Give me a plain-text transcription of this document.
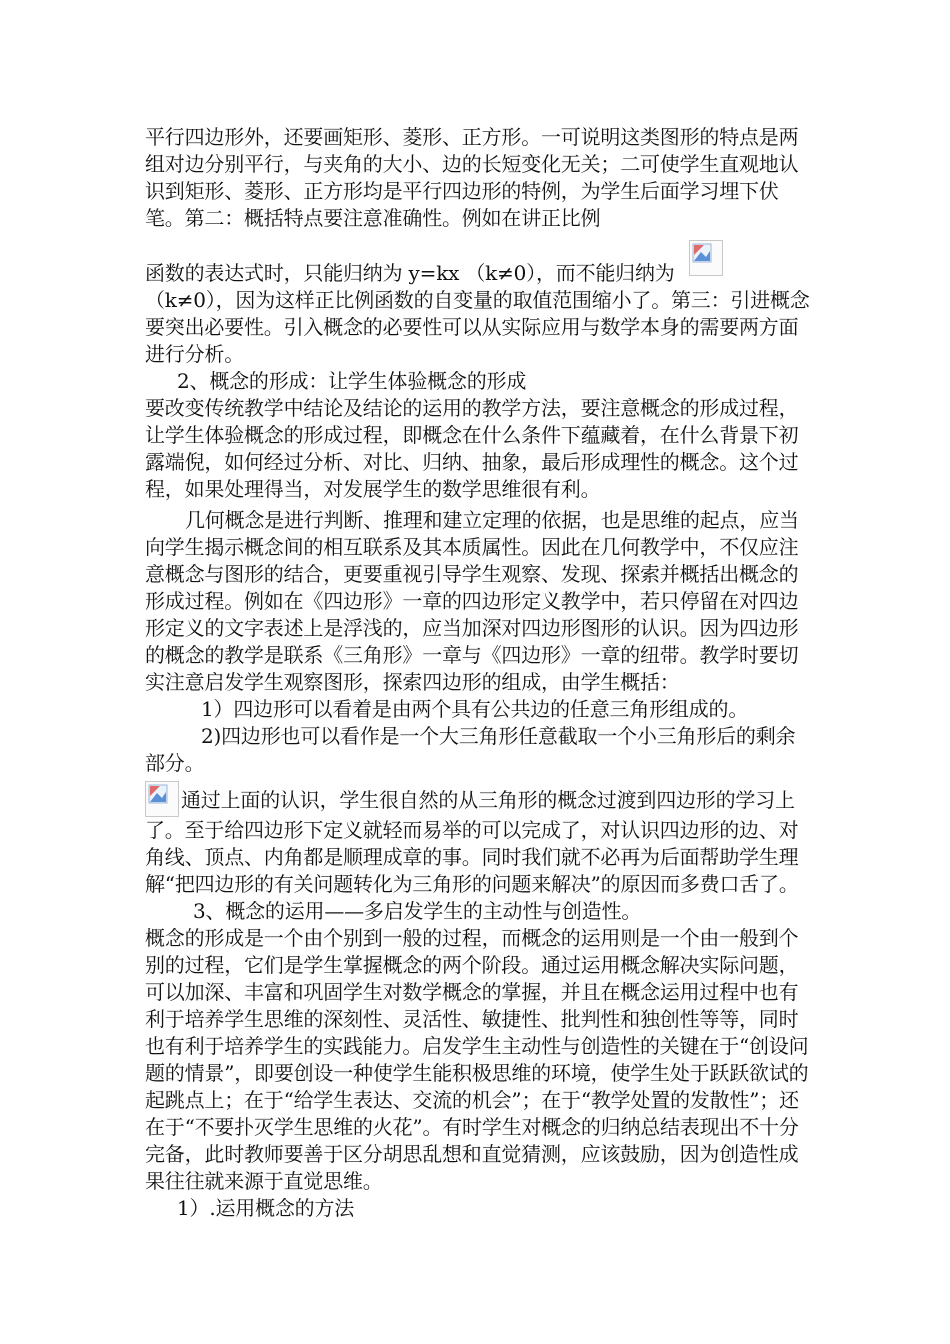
平行四边形外，还要画矩形、菱形、正方形。一可说明这类图形的特点是两组对边分别平行，与夹角的大小、边的长短变化无关；二可使学生直观地认识到矩形、菱形、正方形均是平行四边形的特例，为学生后面学习埋下伏笔。第二：概括特点要注意准确性。例如在讲正比例

函数的表达式时，只能归纳为 y=kx （k≠0），而不能归纳为

（k≠0），因为这样正比例函数的自变量的取值范围缩小了。第三：引进概念要突出必要性。引入概念的必要性可以从实际应用与数学本身的需要两方面进行分析。

2、概念的形成：让学生体验概念的形成

要改变传统教学中结论及结论的运用的教学方法，要注意概念的形成过程，让学生体验概念的形成过程，即概念在什么条件下蕴藏着，在什么背景下初露端倪，如何经过分析、对比、归纳、抽象，最后形成理性的概念。这个过程，如果处理得当，对发展学生的数学思维很有利。

几何概念是进行判断、推理和建立定理的依据，也是思维的起点，应当向学生揭示概念间的相互联系及其本质属性。因此在几何教学中，不仅应注意概念与图形的结合，更要重视引导学生观察、发现、探索并概括出概念的形成过程。例如在《四边形》一章的四边形定义教学中，若只停留在对四边形定义的文字表述上是浮浅的，应当加深对四边形图形的认识。因为四边形的概念的教学是联系《三角形》一章与《四边形》一章的纽带。教学时要切实注意启发学生观察图形，探索四边形的组成，由学生概括：

1）四边形可以看着是由两个具有公共边的任意三角形组成的。

2)四边形也可以看作是一个大三角形任意截取一个小三角形后的剩余部分。

通过上面的认识，学生很自然的从三角形的概念过渡到四边形的学习上了。至于给四边形下定义就轻而易举的可以完成了，对认识四边形的边、对角线、顶点、内角都是顺理成章的事。同时我们就不必再为后面帮助学生理解“把四边形的有关问题转化为三角形的问题来解决”的原因而多费口舌了。

3、概念的运用——多启发学生的主动性与创造性。

概念的形成是一个由个别到一般的过程，而概念的运用则是一个由一般到个别的过程，它们是学生掌握概念的两个阶段。通过运用概念解决实际问题，可以加深、丰富和巩固学生对数学概念的掌握，并且在概念运用过程中也有利于培养学生思维的深刻性、灵活性、敏捷性、批判性和独创性等等，同时也有利于培养学生的实践能力。启发学生主动性与创造性的关键在于“创设问题的情景”，即要创设一种使学生能积极思维的环境，使学生处于跃跃欲试的起跳点上；在于“给学生表达、交流的机会”；在于“教学处置的发散性”；还在于“不要扑灭学生思维的火花”。有时学生对概念的归纳总结表现出不十分完备，此时教师要善于区分胡思乱想和直觉猜测，应该鼓励，因为创造性成果往往就来源于直觉思维。

1）.运用概念的方法
